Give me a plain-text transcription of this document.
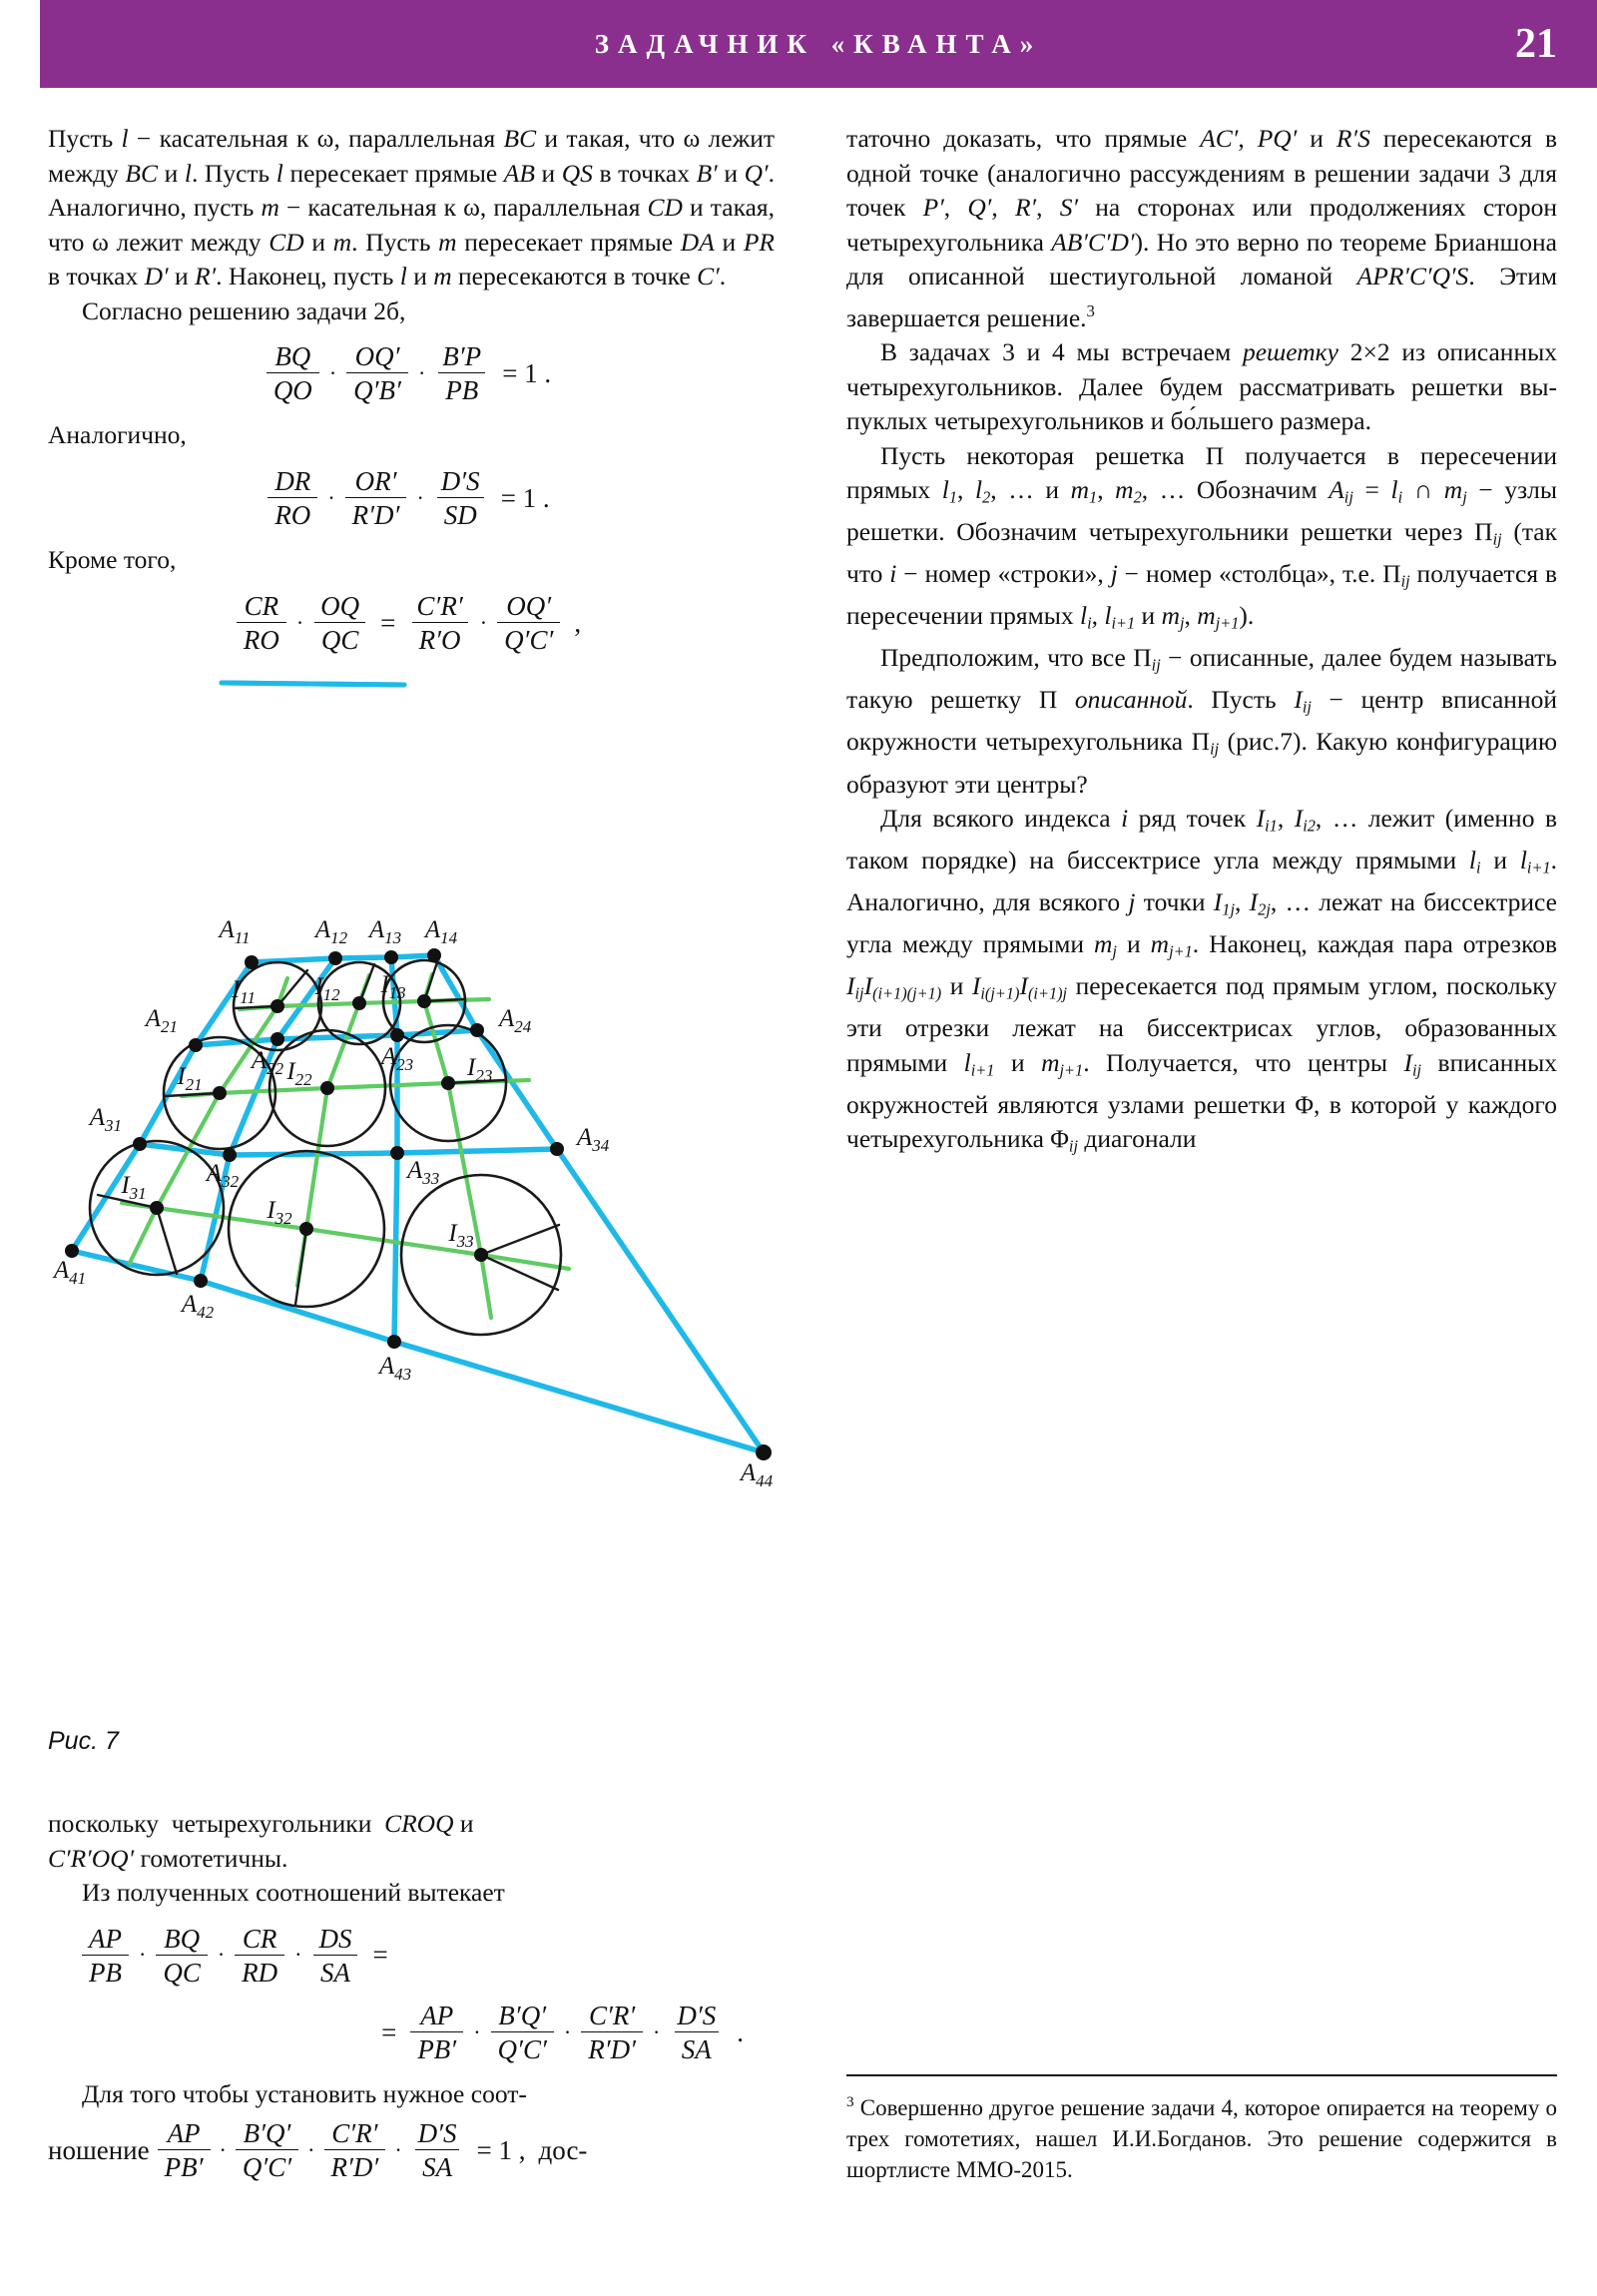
ЗАДАЧНИК «КВАНТА»	21

Пусть l − касательная к ω, параллельная BC и такая, что ω лежит между BC и l. Пусть l пересекает прямые AB и QS в точках B′ и Q′. Аналогично, пусть m − касательная к ω, параллельная CD и такая, что ω лежит между CD и m. Пусть m пересекает прямые DA и PR в точках D′ и R′. Наконец, пусть l и m пересекаются в точке C′.

Согласно решению задачи 2б,

$\frac{BQ}{QO} \cdot \frac{OQ'}{Q'B'} \cdot \frac{B'P}{PB} = 1$ .

Аналогично,

$\frac{DR}{RO} \cdot \frac{OR'}{R'D'} \cdot \frac{D'S}{SD} = 1$ .

Кроме того,

$\frac{CR}{RO} \cdot \frac{OQ}{QC} = \frac{C'R'}{R'O} \cdot \frac{OQ'}{Q'C'}$ ,
$A_{11}$	$A_{12}$ $A_{13}$ $A_{14}$
$A_{21}$	$A_{24}$
$A_{22}$	$A_{23}$
$A_{31}$	$A_{34}$
$A_{32}$	$A_{33}$
$A_{41}$
$A_{42}$
$A_{43}$
$A_{44}$
$I_{11}$ $I_{12}$ $I_{13}$
$I_{21}$	$I_{22}$	$I_{23}$
$I_{31}$
$I_{32}$
$I_{33}$
Рис. 7

поскольку  четырехугольники  CROQ и
C′R′OQ′ гомотетичны.

Из полученных соотношений вытекает

$\frac{AP}{PB} \cdot \frac{BQ}{QC} \cdot \frac{CR}{RD} \cdot \frac{DS}{SA}$ =
= $\frac{AP}{PB'} \cdot \frac{B'Q'}{Q'C'} \cdot \frac{C'R'}{R'D'} \cdot \frac{D'S}{SA}$ .

Для того чтобы установить нужное соот-

ношение $\frac{AP}{PB'} \cdot \frac{B'Q'}{Q'C'} \cdot \frac{C'R'}{R'D'} \cdot \frac{D'S}{SA} = 1$ , дос-

таточно доказать, что прямые AC′, PQ′ и R′S пересекаются в одной точке (аналогично рассуждениям в решении задачи 3 для точек P′, Q′, R′, S′ на сторонах или продолжениях сторон четырехугольника AB′C′D′). Но это верно по теореме Брианшона для описанной шестиугольной ломаной APR′C′Q′S. Этим завершается решение.$^3$

В задачах 3 и 4 мы встречаем решетку 2×2 из описанных четырехугольников. Далее будем рассматривать решетки выпуклых четырехугольников и бо́льшего размера.

Пусть некоторая решетка Π получается в пересечении прямых $l_1$, $l_2$, … и $m_1$, $m_2$, … Обозначим $A_{ij} = l_i$ ∩ $m_j$ − узлы решетки. Обозначим четырехугольники решетки через $\Pi_{ij}$ (так что i − номер «строки», j − номер «столбца», т.е. $\Pi_{ij}$ получается в пересечении прямых $l_i$, $l_{i+1}$ и $m_j$, $m_{j+1}$).

Предположим, что все $\Pi_{ij}$ − описанные, далее будем называть такую решетку Π описанной. Пусть $I_{ij}$ − центр вписанной окружности четырехугольника $\Pi_{ij}$ (рис.7). Какую конфигурацию образуют эти центры?

Для всякого индекса i ряд точек $I_{i1}$, $I_{i2}$, … лежит (именно в таком порядке) на биссектрисе угла между прямыми $l_i$ и $l_{i+1}$. Аналогично, для всякого j точки $I_{1j}$, $I_{2j}$, … лежат на биссектрисе угла между прямыми $m_j$ и $m_{j+1}$. Наконец, каждая пара отрезков $I_{ij}I_{(i+1)(j+1)}$ и $I_{i(j+1)}I_{(i+1)j}$ пересекается под прямым углом, поскольку эти отрезки лежат на биссектрисах углов, образованных прямыми $l_{i+1}$ и $m_{j+1}$. Получается, что центры $I_{ij}$ вписанных окружностей являются узлами решетки Φ, в которой у каждого четырехугольника $\Phi_{ij}$ диагонали

$^3$ Совершенно другое решение задачи 4, которое опирается на теорему о трех гомотетиях, нашел И.И.Богданов. Это решение содержится в шортлисте ММО-2015.
